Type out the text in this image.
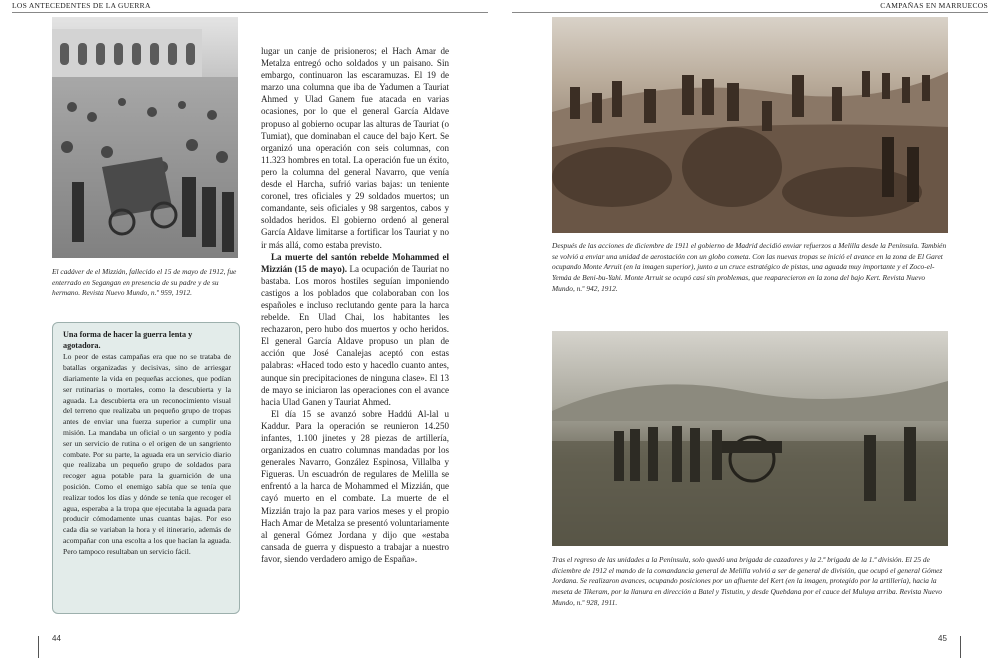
LOS ANTECEDENTES DE LA GUERRA	CAMPAÑAS EN MARRUECOS

El cadáver de el Mizzián, fallecido el 15 de mayo de 1912, fue enterrado en Segangan en presencia de su padre y de su hermano. Revista Nuevo Mundo, n.º 959, 1912.

Una forma de hacer la guerra lenta y agotadora.

Lo peor de estas campañas era que no se trataba de batallas organizadas y decisivas, sino de arriesgar diariamente la vida en pequeñas acciones, que podían ser rutinarias o mortales, como la descubierta y la aguada. La descubierta era un reconocimiento visual del terreno que realizaba un pequeño grupo de tropas antes de enviar una fuerza superior a cumplir una misión. La mandaba un oficial o un sargento y podía ser un servicio de rutina o el origen de un sangriento combate. Por su parte, la aguada era un servicio diario que realizaba un pequeño grupo de soldados para recoger agua potable para la guarnición de una posición. Como el enemigo sabía que se tenía que realizar todos los días y dónde se tenía que recoger el agua, esperaba a la tropa que ejecutaba la aguada para producir cómodamente unas cuantas bajas. Por eso cada día se variaban la hora y el itinerario, además de acompañar con una escolta a los que hacían la aguada. Pero tampoco resultaban un servicio fácil.

lugar un canje de prisioneros; el Hach Amar de Metalza entregó ocho soldados y un paisano. Sin embargo, continuaron las escaramuzas. El 19 de marzo una columna que iba de Yadumen a Tauriat Ahmed y Ulad Ganem fue atacada en varias ocasiones, por lo que el general García Aldave propuso al gobierno ocupar las alturas de Tauriat (o Tumiat), que dominaban el cauce del bajo Kert. Se organizó una operación con seis columnas, con 11.323 hombres en total. La operación fue un éxito, pero la columna del general Navarro, que venía desde el Harcha, sufrió varias bajas: un teniente coronel, tres oficiales y 29 soldados muertos; un comandante, seis oficiales y 98 sargentos, cabos y soldados heridos. El gobierno ordenó al general García Aldave limitarse a fortificar los Tauriat y no ir más allá, como estaba previsto.

La muerte del santón rebelde Mohammed el Mizzián (15 de mayo). La ocupación de Tauriat no bastaba. Los moros hostiles seguían imponiendo castigos a los poblados que colaboraban con los españoles e incluso reclutando gente para la harca rebelde. En Ulad Chai, los habitantes les rechazaron, pero hubo dos muertos y ocho heridos. El general García Aldave propuso un plan de acción que José Canalejas aceptó con estas palabras: «Haced todo esto y hacedlo cuanto antes, aunque sin precipitaciones de ninguna clase». El 13 de mayo se iniciaron las operaciones con el avance hacia Ulad Ganen y Tauriat Ahmed.

El día 15 se avanzó sobre Haddú Al-lal u Kaddur. Para la operación se reunieron 14.250 infantes, 1.100 jinetes y 28 piezas de artillería, organizados en cuatro columnas mandadas por los generales Navarro, González Espinosa, Villalba y Figueras. Un escuadrón de regulares de Melilla se enfrentó a la harca de Mohammed el Mizzián, que cayó muerto en el combate. La muerte de el Mizzián trajo la paz para varios meses y el propio Hach Amar de Metalza se presentó voluntariamente al general Gómez Jordana y dijo que «estaba cansada de guerra y dispuesto a trabajar a nuestro favor, siendo verdadero amigo de España».

Después de las acciones de diciembre de 1911 el gobierno de Madrid decidió enviar refuerzos a Melilla desde la Península. También se volvió a enviar una unidad de aerostación con un globo cometa. Con las nuevas tropas se inició el avance en la zona de El Garet ocupando Monte Arruit (en la imagen superior), junto a un cruce estratégico de pistas, una aguada muy importante y el Zoco-el-Yemáa de Beni-bu-Yahi. Monte Arruit se ocupó casi sin problemas, que reaparecieron en la zona del bajo Kert. Revista Nuevo Mundo, n.º 942, 1912.

Tras el regreso de las unidades a la Península, solo quedó una brigada de cazadores y la 2.ª brigada de la 1.ª división. El 25 de diciembre de 1912 el mando de la comandancia general de Melilla volvió a ser de general de división, que ocupó el general Gómez Jordana. Se realizaron avances, ocupando posiciones por un afluente del Kert (en la imagen, protegido por la artillería), hacia la meseta de Tikeram, por la llanura en dirección a Batel y Tistutin, y desde Quebdana por el cauce del Muluya arriba. Revista Nuevo Mundo, n.º 928, 1911.

44	45
